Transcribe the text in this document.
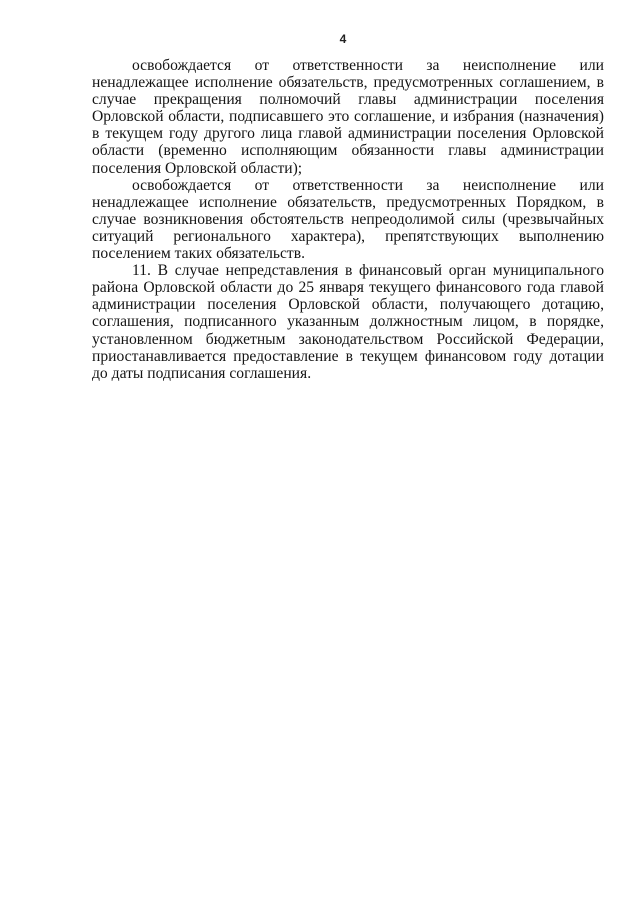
4

освобождается от ответственности за неисполнение или ненадлежащее исполнение обязательств, предусмотренных соглашением, в случае прекращения полномочий главы администрации поселения Орловской области, подписавшего это соглашение, и избрания (назначения) в текущем году другого лица главой администрации поселения Орловской области (временно исполняющим обязанности главы администрации поселения Орловской области);

освобождается от ответственности за неисполнение или ненадлежащее исполнение обязательств, предусмотренных Порядком, в случае возникновения обстоятельств непреодолимой силы (чрезвычайных ситуаций регионального характера), препятствующих выполнению поселением таких обязательств.

11. В случае непредставления в финансовый орган муниципального района Орловской области до 25 января текущего финансового года главой администрации поселения Орловской области, получающего дотацию, соглашения, подписанного указанным должностным лицом, в порядке, установленном бюджетным законодательством Российской Федерации, приостанавливается предоставление в текущем финансовом году дотации до даты подписания соглашения.
